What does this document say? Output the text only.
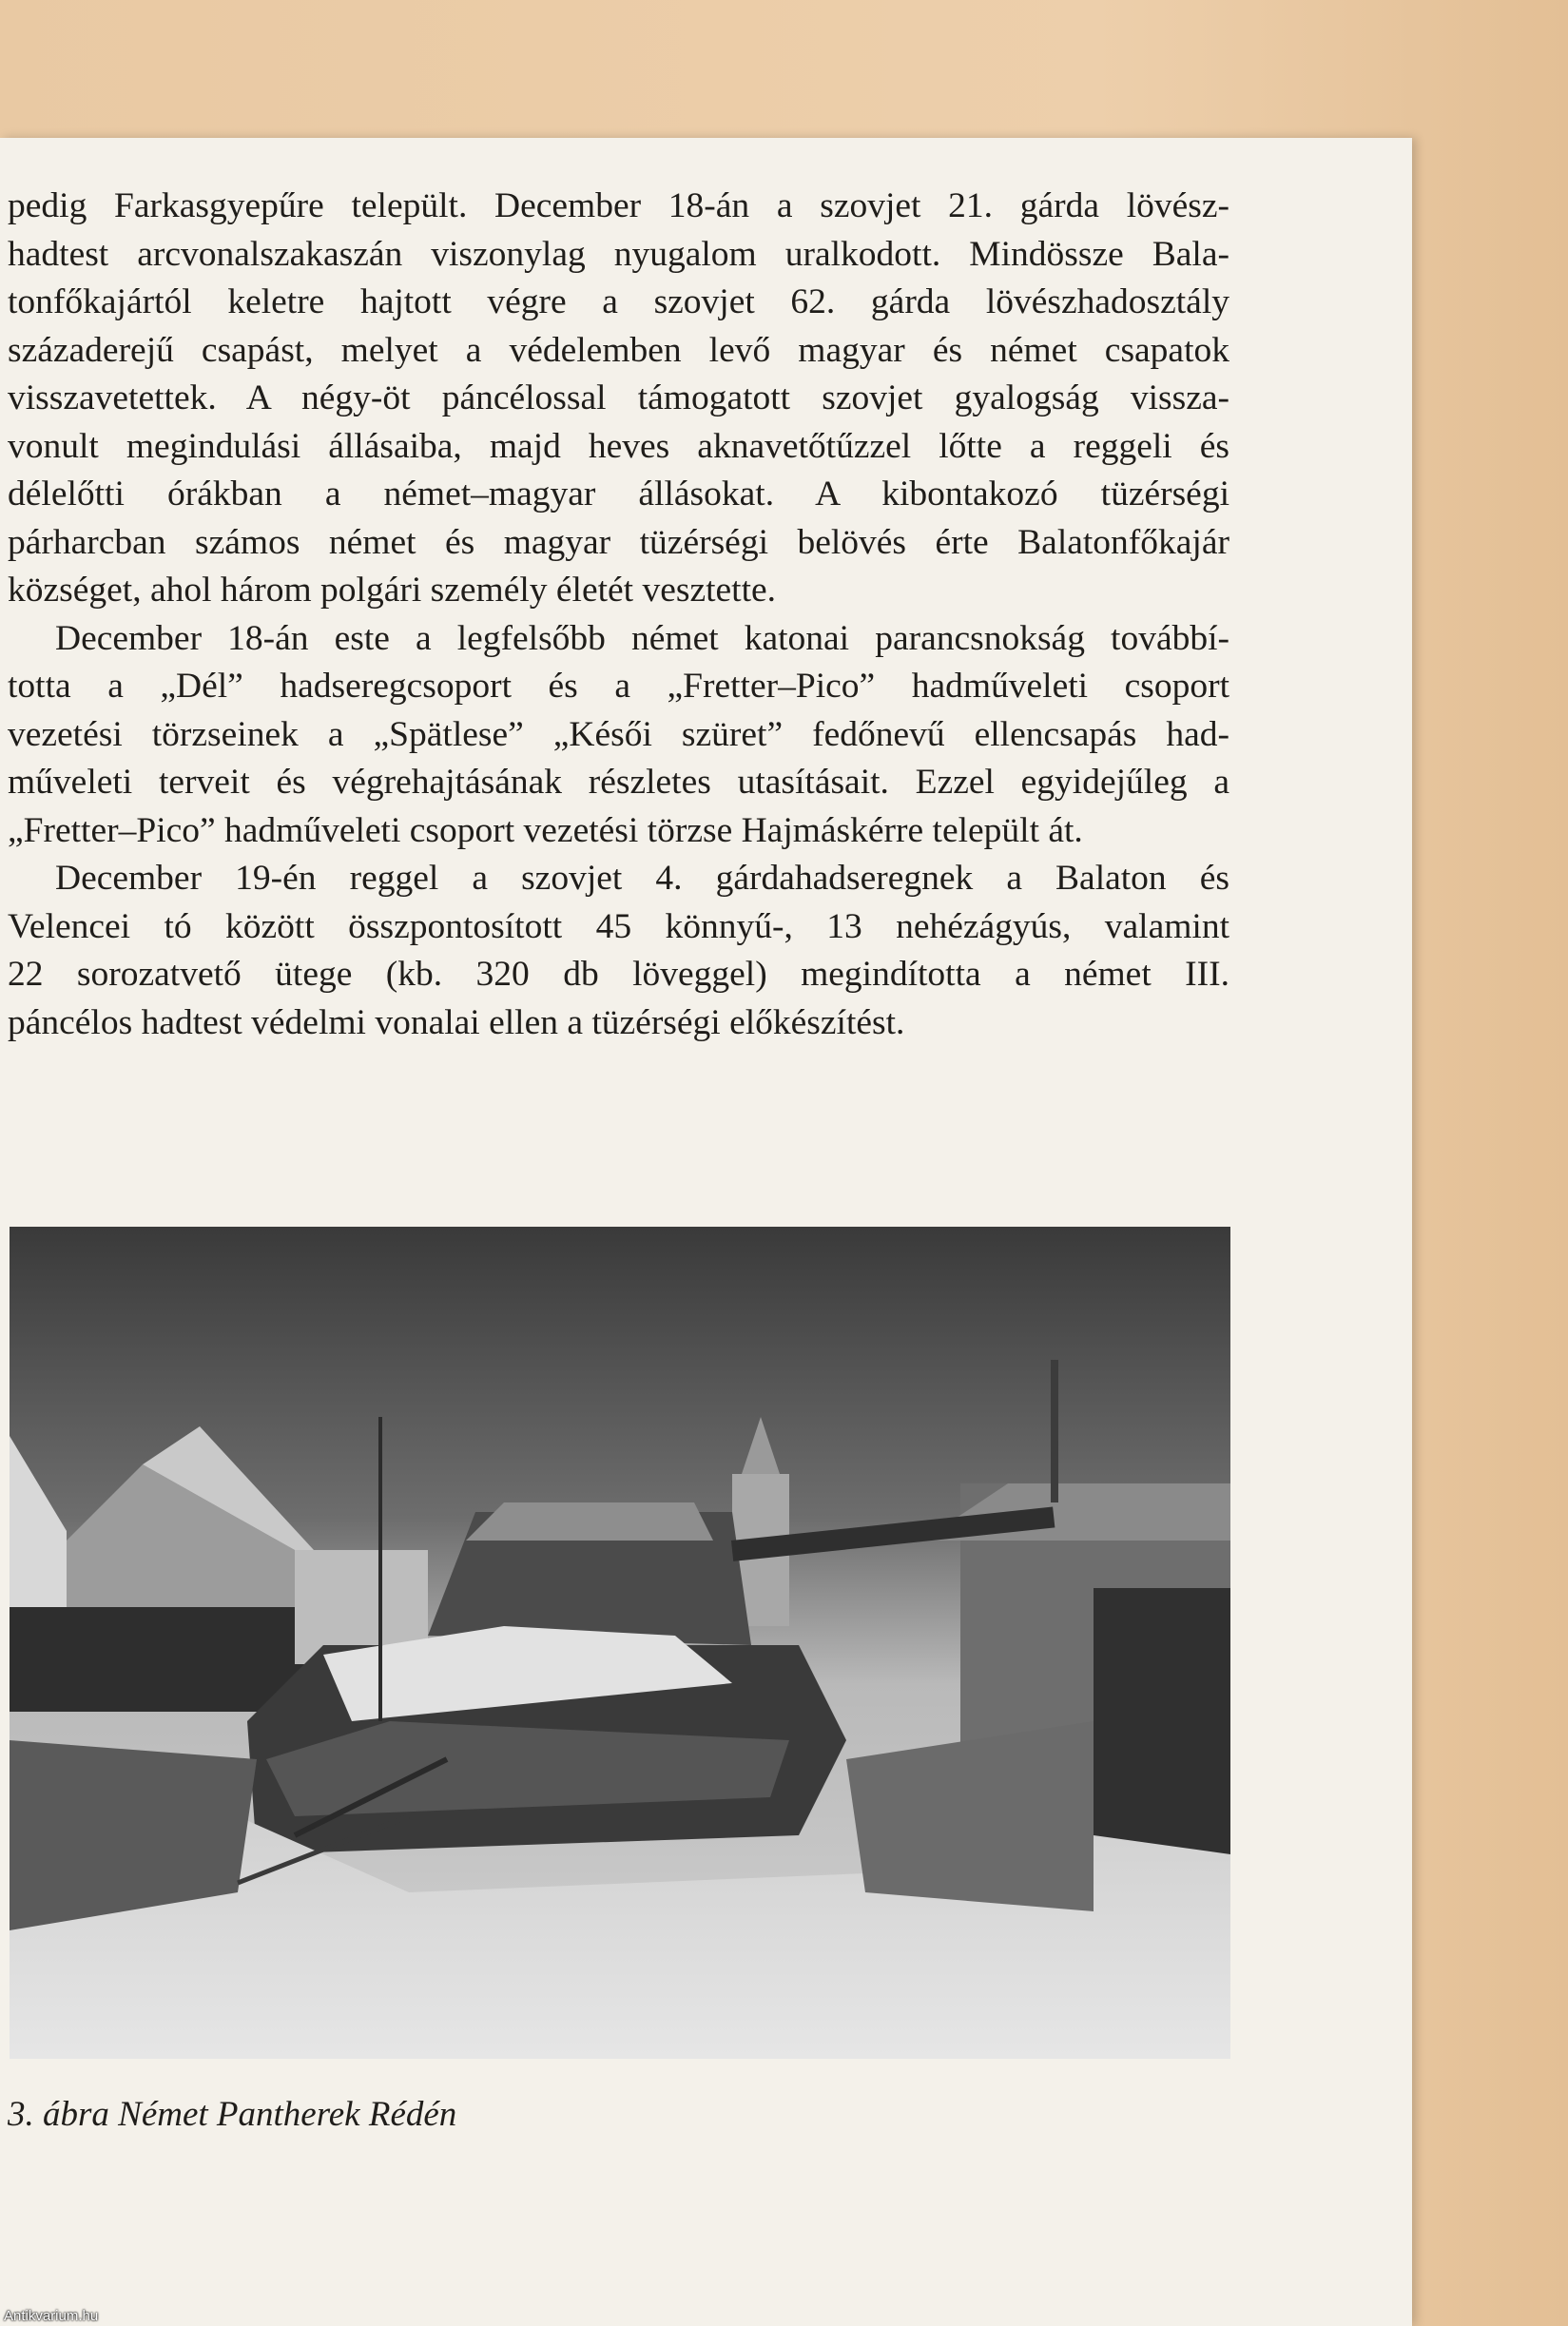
pedig Farkasgyepűre települt. December 18-án a szovjet 21. gárda lövész-
hadtest arcvonalszakaszán viszonylag nyugalom uralkodott. Mindössze Bala-
tonfőkajártól keletre hajtott végre a szovjet 62. gárda lövészhadosztály
századerejű csapást, melyet a védelemben levő magyar és német csapatok
visszavetettek. A négy-öt páncélossal támogatott szovjet gyalogság vissza-
vonult megindulási állásaiba, majd heves aknavetőtűzzel lőtte a reggeli és
délelőtti órákban a német–magyar állásokat. A kibontakozó tüzérségi
párharcban számos német és magyar tüzérségi belövés érte Balatonfőkajár
községet, ahol három polgári személy életét vesztette.
December 18-án este a legfelsőbb német katonai parancsnokság továbbí-
totta a „Dél” hadseregcsoport és a „Fretter–Pico” hadműveleti csoport
vezetési törzseinek a „Spätlese” „Késői szüret” fedőnevű ellencsapás had-
műveleti terveit és végrehajtásának részletes utasításait. Ezzel egyidejűleg a
„Fretter–Pico” hadműveleti csoport vezetési törzse Hajmáskérre települt át.
December 19-én reggel a szovjet 4. gárdahadseregnek a Balaton és
Velencei tó között összpontosított 45 könnyű-, 13 nehézágyús, valamint
22 sorozatvető ütege (kb. 320 db löveggel) megindította a német III.
páncélos hadtest védelmi vonalai ellen a tüzérségi előkészítést.
3. ábra Német Pantherek Rédén
Antikvarium.hu
